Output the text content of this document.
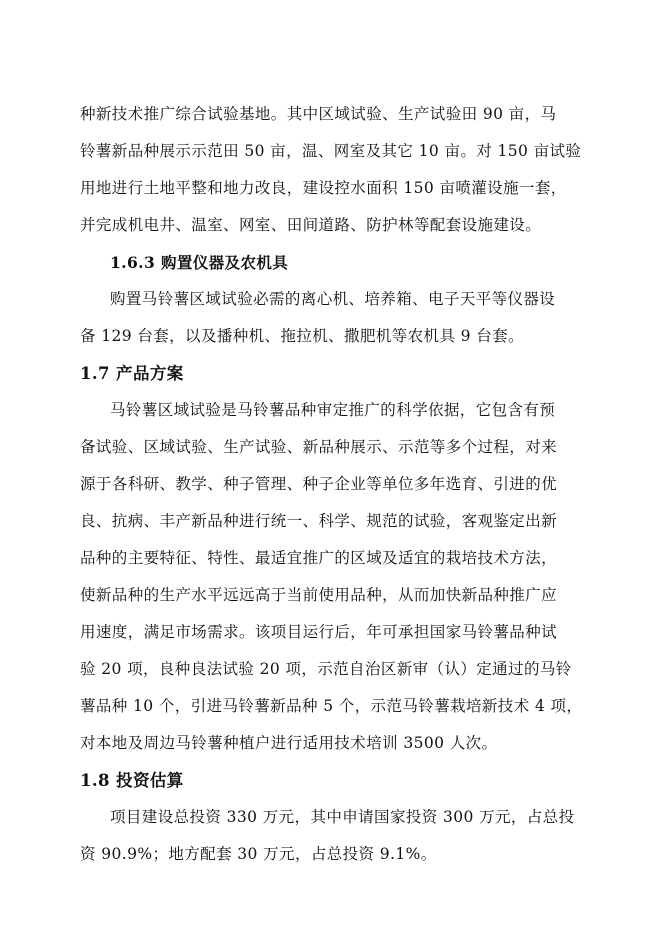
种新技术推广综合试验基地。其中区域试验、生产试验田 90 亩，马
铃薯新品种展示示范田 50 亩，温、网室及其它 10 亩。对 150 亩试验
用地进行土地平整和地力改良，建设控水面积 150 亩喷灌设施一套，
并完成机电井、温室、网室、田间道路、防护林等配套设施建设。
1.6.3 购置仪器及农机具
购置马铃薯区域试验必需的离心机、培养箱、电子天平等仪器设
备 129 台套，以及播种机、拖拉机、撒肥机等农机具 9 台套。
1.7 产品方案
马铃薯区域试验是马铃薯品种审定推广的科学依据，它包含有预
备试验、区域试验、生产试验、新品种展示、示范等多个过程，对来
源于各科研、教学、种子管理、种子企业等单位多年选育、引进的优
良、抗病、丰产新品种进行统一、科学、规范的试验，客观鉴定出新
品种的主要特征、特性、最适宜推广的区域及适宜的栽培技术方法，
使新品种的生产水平远远高于当前使用品种，从而加快新品种推广应
用速度，满足市场需求。该项目运行后，年可承担国家马铃薯品种试
验 20 项，良种良法试验 20 项，示范自治区新审（认）定通过的马铃
薯品种 10 个，引进马铃薯新品种 5 个，示范马铃薯栽培新技术 4 项，
对本地及周边马铃薯种植户进行适用技术培训 3500 人次。
1.8 投资估算
项目建设总投资 330 万元，其中申请国家投资 300 万元，占总投
资 90.9%；地方配套 30 万元，占总投资 9.1%。
